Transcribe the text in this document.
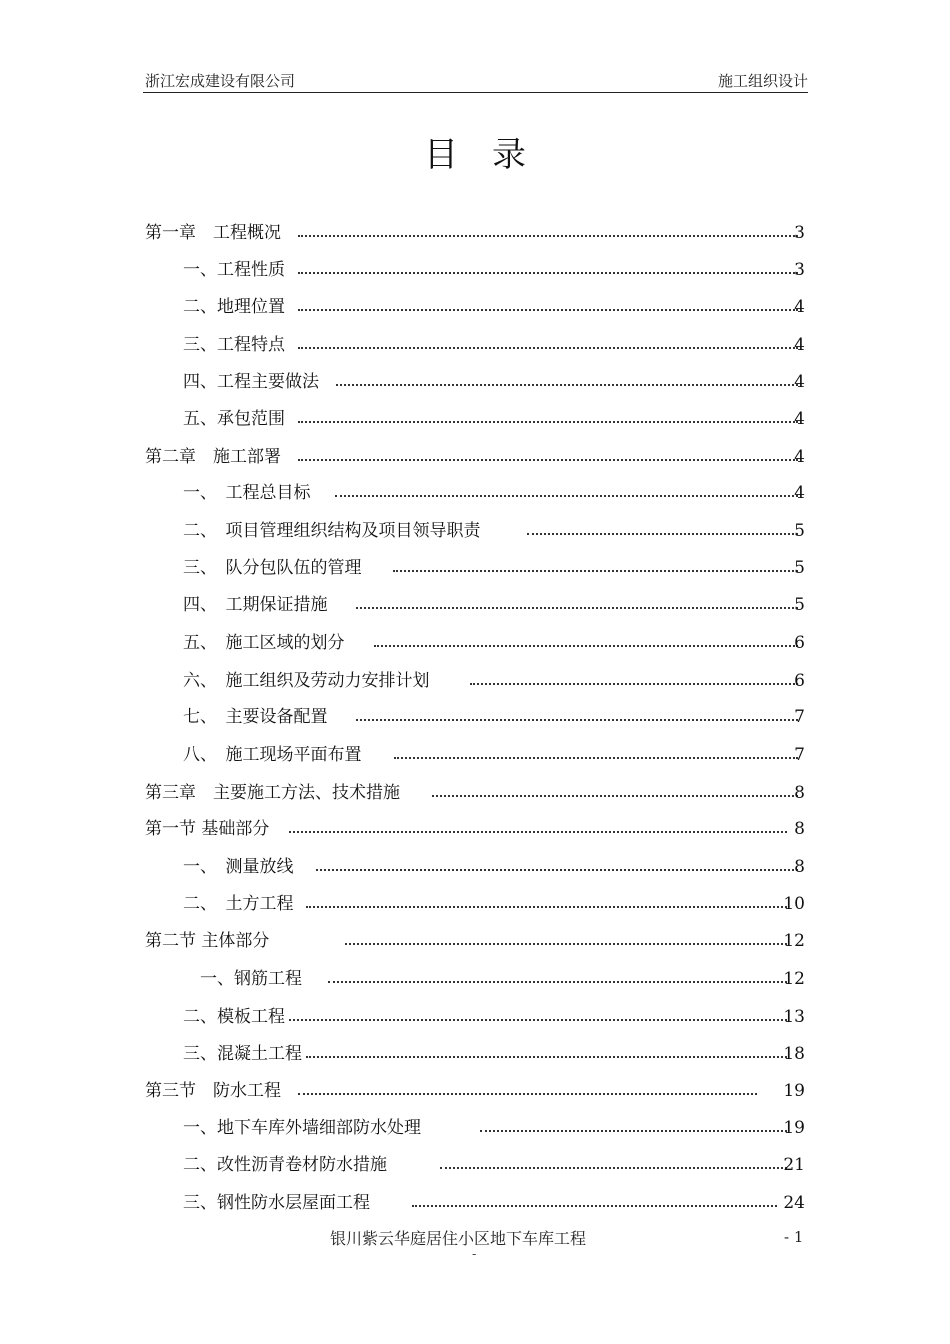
浙江宏成建设有限公司	施工组织设计
目录
第一章　工程概况	3
一、工程性质	3
二、地理位置	4
三、工程特点	4
四、工程主要做法	4
五、承包范围	4
第二章　施工部署	4
一、　工程总目标	4
二、　项目管理组织结构及项目领导职责	5
三、　队分包队伍的管理	5
四、　工期保证措施	5
五、　施工区域的划分	6
六、　施工组织及劳动力安排计划	6
七、　主要设备配置	7
八、　施工现场平面布置	7
第三章　主要施工方法、技术措施	8
第一节 基础部分	8
一、　测量放线	8
二、　土方工程	10
第二节 主体部分	12
一、钢筋工程	12
二、模板工程	13
三、混凝土工程	18
第三节　防水工程	19
一、地下车库外墙细部防水处理	19
二、改性沥青卷材防水措施	21
三、钢性防水层屋面工程	24
银川紫云华庭居住小区地下车库工程	- 1
-
